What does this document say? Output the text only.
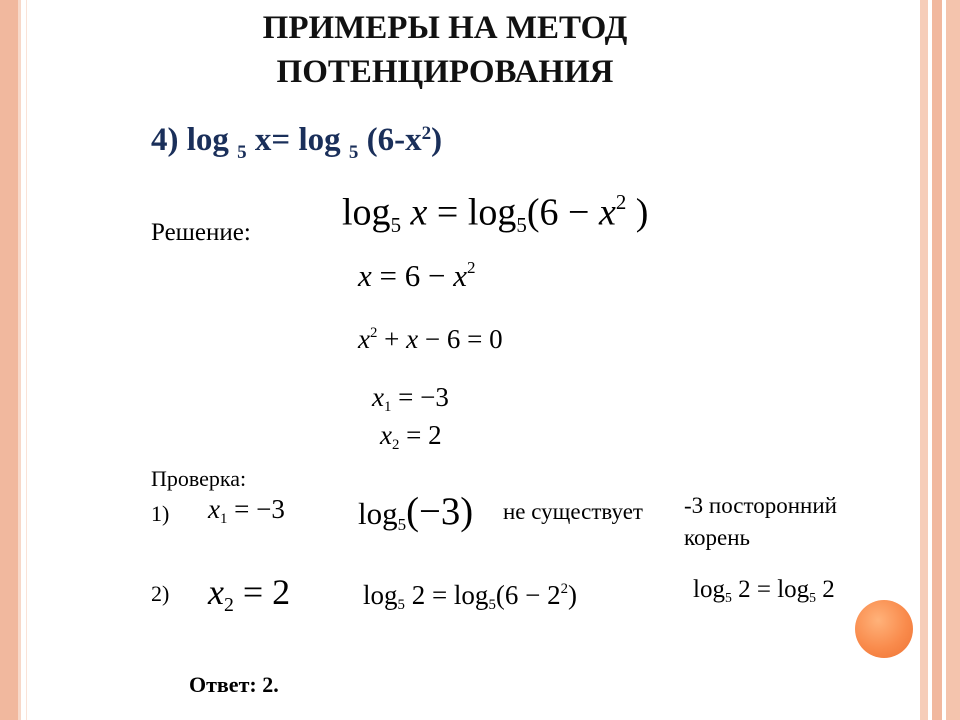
ПРИМЕРЫ НА МЕТОД
ПОТЕНЦИРОВАНИЯ
4) log $_5$ x= log $_5$ $(6-x^2)$
Решение: $\log_5 x = \log_5(6 - x^2$ )
$x = 6 - x^2$
$x^2 + x - 6 = 0$
$x_1 = -3$
$x_2 = 2$
Проверка:
1) $x_1 = -3$ $\log_5(-3)$ не существует -3 посторонний
корень
2) $x_2 = 2$	$\log_5 2 = \log_5(6 - 2^2)$	$\log_5 2 = \log_5 2$
Ответ: 2.
